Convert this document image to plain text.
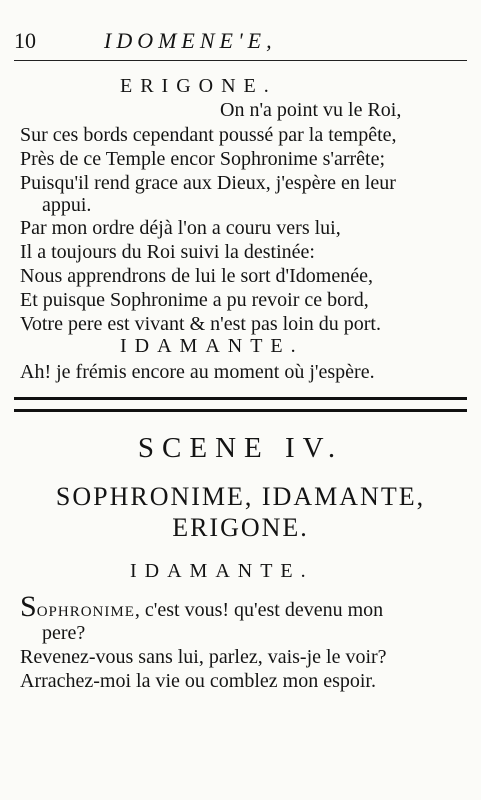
10	IDOMENE'E,
ERIGONE.
On n'a point vu le Roi,
Sur ces bords cependant poussé par la tempête,
Près de ce Temple encor Sophronime s'arrête;
Puisqu'il rend grace aux Dieux, j'espère en leur
appui.
Par mon ordre déjà l'on a couru vers lui,
Il a toujours du Roi suivi la destinée:
Nous apprendrons de lui le sort d'Idomenée,
Et puisque Sophronime a pu revoir ce bord,
Votre pere est vivant & n'est pas loin du port.
IDAMANTE.
Ah! je frémis encore au moment où j'espère.
SCENE IV.
SOPHRONIME, IDAMANTE,
ERIGONE.
IDAMANTE.
SOPHRONIME, c'est vous! qu'est devenu mon
pere?
Revenez-vous sans lui, parlez, vais-je le voir?
Arrachez-moi la vie ou comblez mon espoir.
